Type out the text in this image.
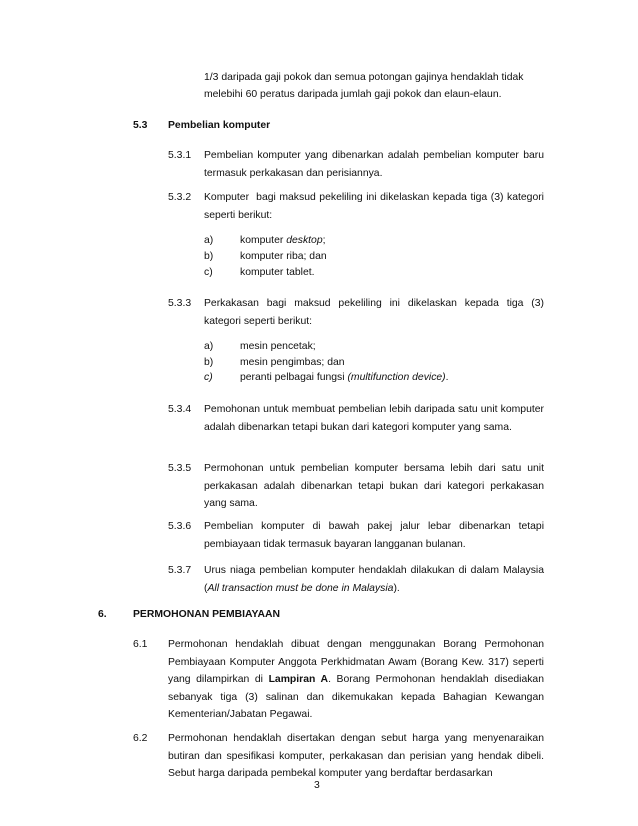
1/3 daripada gaji pokok dan semua potongan gajinya hendaklah tidak
melebihi 60 peratus daripada jumlah gaji pokok dan elaun-elaun.
5.3 Pembelian komputer
5.3.1 Pembelian komputer yang dibenarkan adalah pembelian komputer baru termasuk perkakasan dan perisiannya.
5.3.2 Komputer  bagi maksud pekeliling ini dikelaskan kepada tiga (3) kategori seperti berikut:
a)	komputer desktop;
b)	komputer riba; dan
c)	komputer tablet.
5.3.3 Perkakasan bagi maksud pekeliling ini dikelaskan kepada tiga (3) kategori seperti berikut:
a)	mesin pencetak;
b)	mesin pengimbas; dan
c)	peranti pelbagai fungsi (multifunction device).
5.3.4 Pemohonan untuk membuat pembelian lebih daripada satu unit komputer adalah dibenarkan tetapi bukan dari kategori komputer yang sama.
5.3.5 Permohonan untuk pembelian komputer bersama lebih dari satu unit perkakasan adalah dibenarkan tetapi bukan dari kategori perkakasan yang sama.
5.3.6 Pembelian komputer di bawah pakej jalur lebar dibenarkan tetapi pembiayaan tidak termasuk bayaran langganan bulanan.
5.3.7 Urus niaga pembelian komputer hendaklah dilakukan di dalam Malaysia (All transaction must be done in Malaysia).
6.	PERMOHONAN PEMBIAYAAN
6.1 Permohonan hendaklah dibuat dengan menggunakan Borang Permohonan Pembiayaan Komputer Anggota Perkhidmatan Awam (Borang Kew. 317) seperti yang dilampirkan di Lampiran A. Borang Permohonan hendaklah disediakan sebanyak tiga (3) salinan dan dikemukakan kepada Bahagian Kewangan Kementerian/Jabatan Pegawai.
6.2 Permohonan hendaklah disertakan dengan sebut harga yang menyenaraikan butiran dan spesifikasi komputer, perkakasan dan perisian yang hendak dibeli. Sebut harga daripada pembekal komputer yang berdaftar berdasarkan
3
